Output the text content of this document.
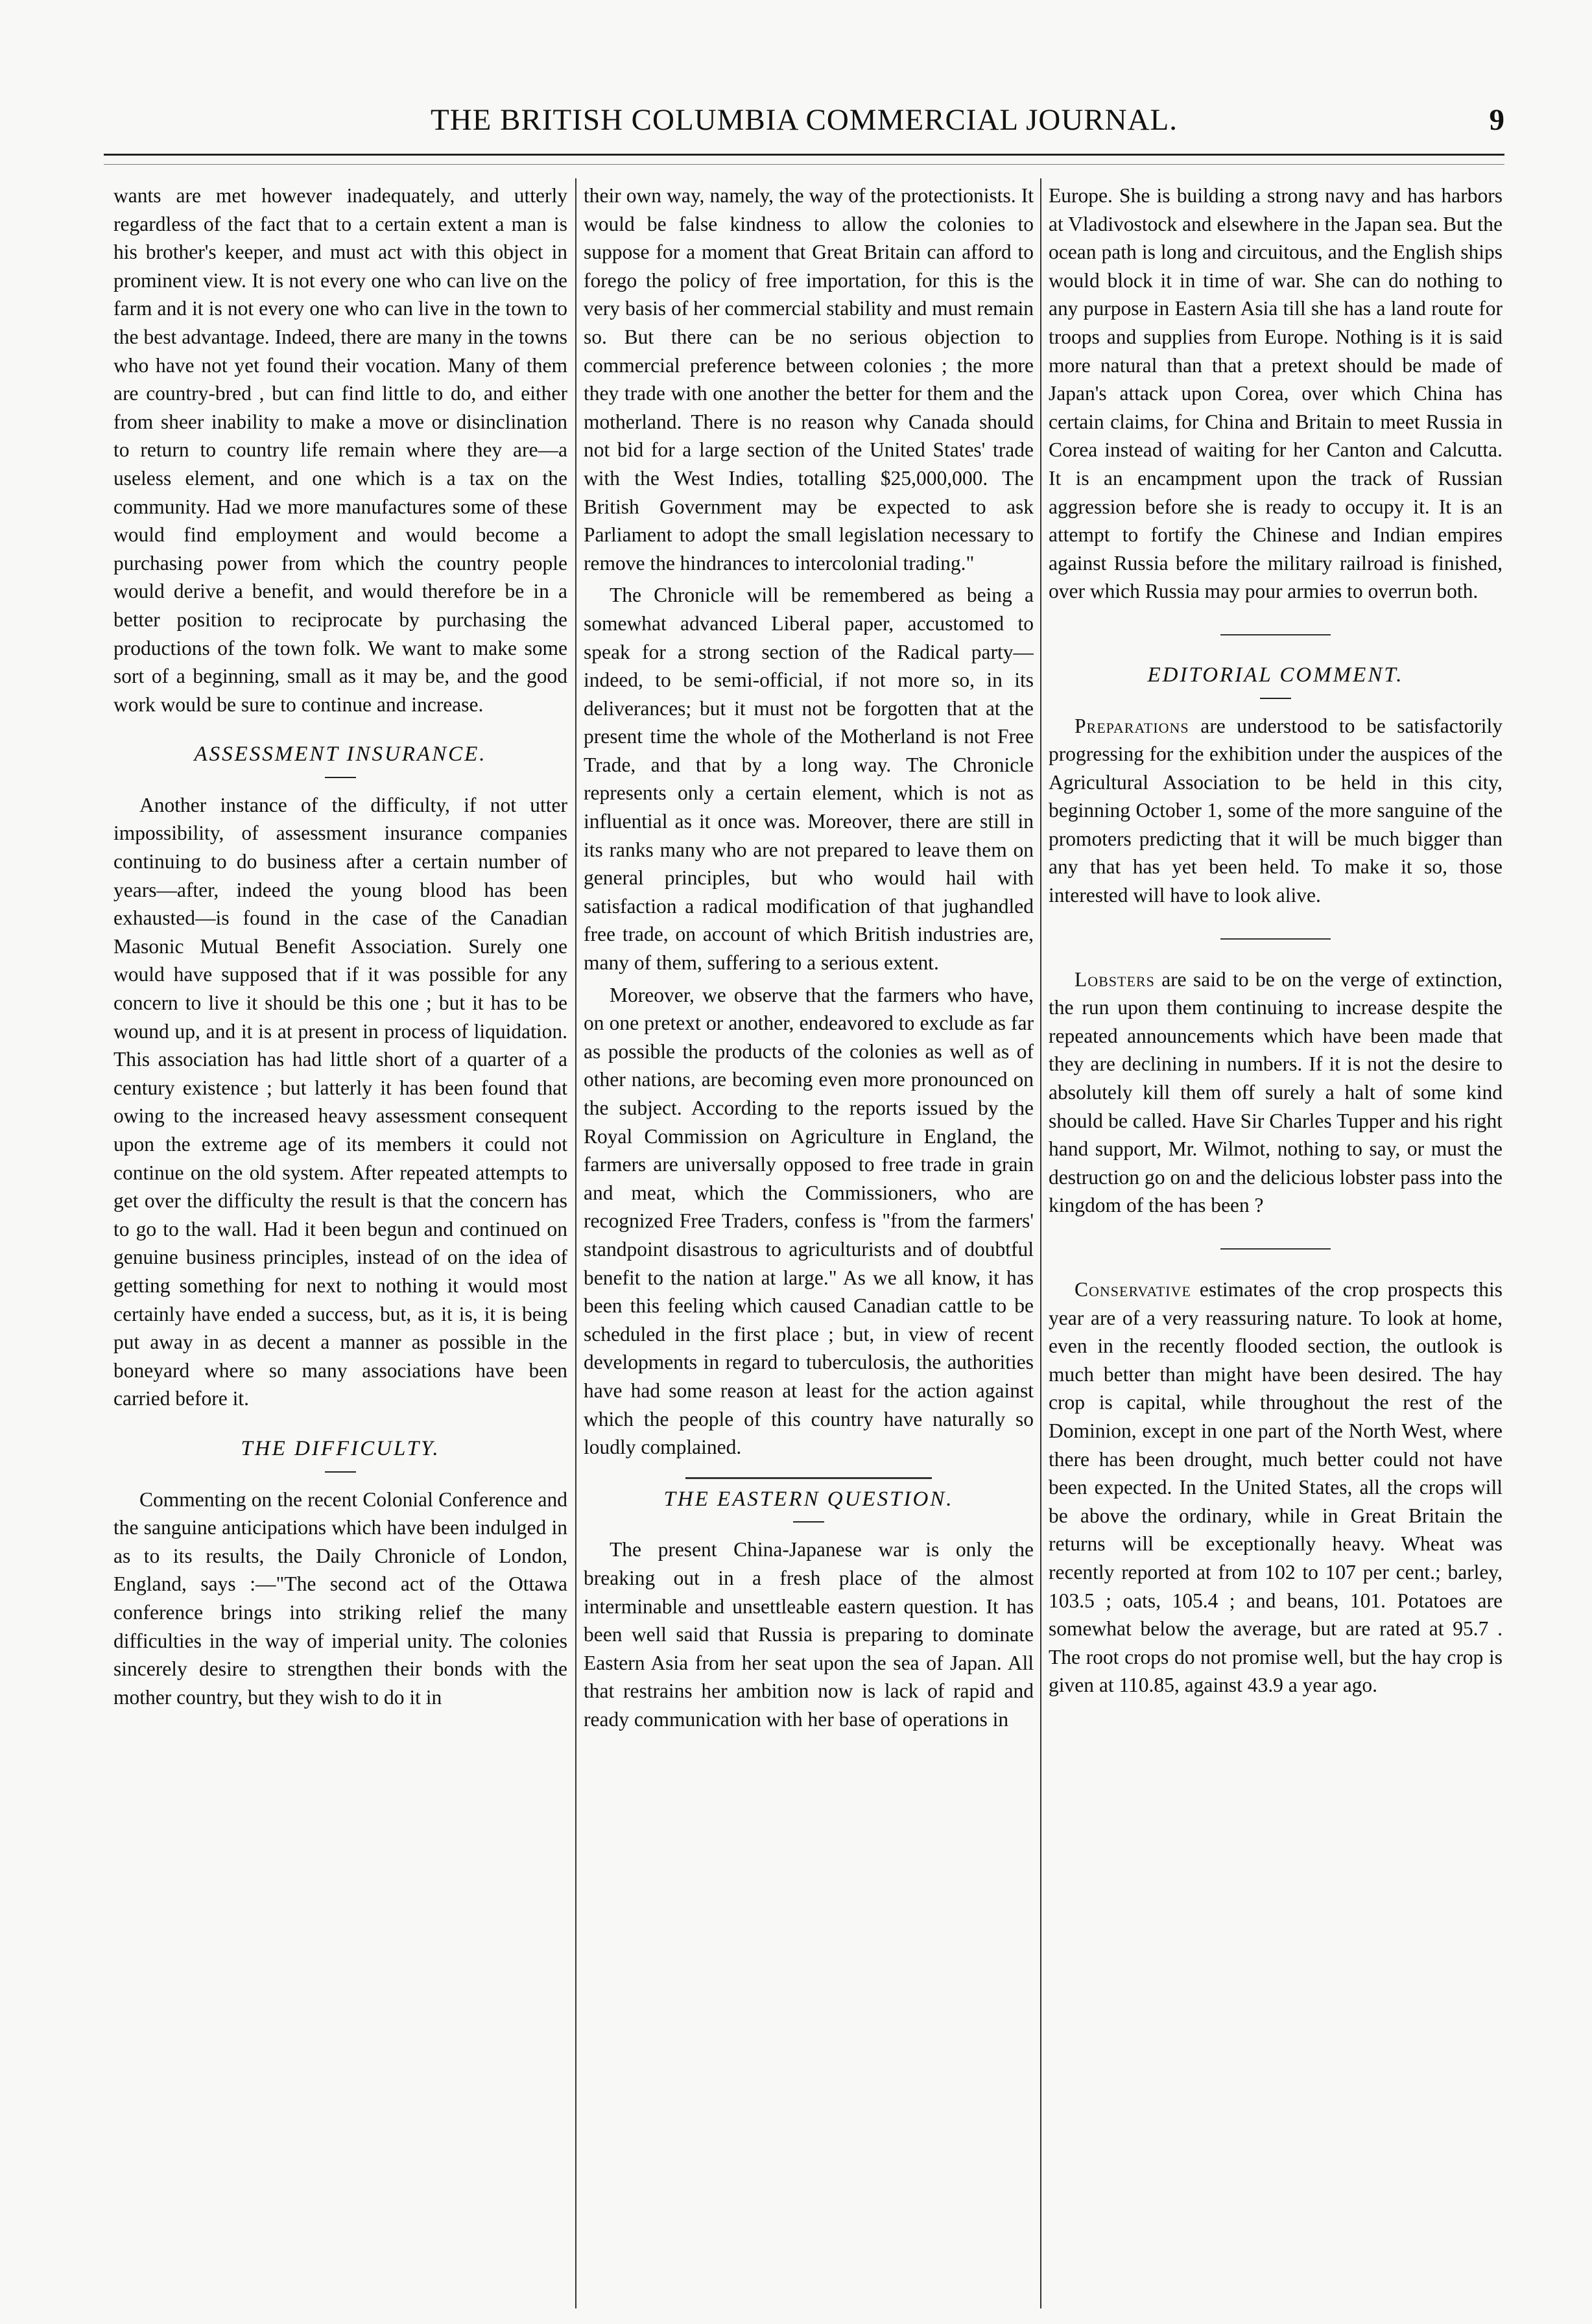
THE BRITISH COLUMBIA COMMERCIAL JOURNAL.	9

wants are met however inadequately, and utterly regardless of the fact that to a certain extent a man is his brother's keeper, and must act with this object in prominent view. It is not every one who can live on the farm and it is not every one who can live in the town to the best advantage. Indeed, there are many in the towns who have not yet found their vocation. Many of them are country-bred , but can find little to do, and either from sheer inability to make a move or disinclination to return to country life remain where they are—a useless element, and one which is a tax on the community. Had we more manufactures some of these would find employment and would become a purchasing power from which the country people would derive a benefit, and would therefore be in a better position to reciprocate by purchasing the productions of the town folk. We want to make some sort of a beginning, small as it may be, and the good work would be sure to continue and increase.

ASSESSMENT INSURANCE.

Another instance of the difficulty, if not utter impossibility, of assessment insurance companies continuing to do business after a certain number of years—after, indeed the young blood has been exhausted—is found in the case of the Canadian Masonic Mutual Benefit Association. Surely one would have supposed that if it was possible for any concern to live it should be this one ; but it has to be wound up, and it is at present in process of liquidation. This association has had little short of a quarter of a century existence ; but latterly it has been found that owing to the increased heavy assessment consequent upon the extreme age of its members it could not continue on the old system. After repeated attempts to get over the difficulty the result is that the concern has to go to the wall. Had it been begun and continued on genuine business principles, instead of on the idea of getting something for next to nothing it would most certainly have ended a success, but, as it is, it is being put away in as decent a manner as possible in the boneyard where so many associations have been carried before it.

THE DIFFICULTY.

Commenting on the recent Colonial Conference and the sanguine anticipations which have been indulged in as to its results, the Daily Chronicle of London, England, says :—"The second act of the Ottawa conference brings into striking relief the many difficulties in the way of imperial unity. The colonies sincerely desire to strengthen their bonds with the mother country, but they wish to do it in

their own way, namely, the way of the protectionists. It would be false kindness to allow the colonies to suppose for a moment that Great Britain can afford to forego the policy of free importation, for this is the very basis of her commercial stability and must remain so. But there can be no serious objection to commercial preference between colonies ; the more they trade with one another the better for them and the motherland. There is no reason why Canada should not bid for a large section of the United States' trade with the West Indies, totalling $25,000,000. The British Government may be expected to ask Parliament to adopt the small legislation necessary to remove the hindrances to intercolonial trading."

The Chronicle will be remembered as being a somewhat advanced Liberal paper, accustomed to speak for a strong section of the Radical party—indeed, to be semi-official, if not more so, in its deliverances; but it must not be forgotten that at the present time the whole of the Motherland is not Free Trade, and that by a long way. The Chronicle represents only a certain element, which is not as influential as it once was. Moreover, there are still in its ranks many who are not prepared to leave them on general principles, but who would hail with satisfaction a radical modification of that jughandled free trade, on account of which British industries are, many of them, suffering to a serious extent.

Moreover, we observe that the farmers who have, on one pretext or another, endeavored to exclude as far as possible the products of the colonies as well as of other nations, are becoming even more pronounced on the subject. According to the reports issued by the Royal Commission on Agriculture in England, the farmers are universally opposed to free trade in grain and meat, which the Commissioners, who are recognized Free Traders, confess is "from the farmers' standpoint disastrous to agriculturists and of doubtful benefit to the nation at large." As we all know, it has been this feeling which caused Canadian cattle to be scheduled in the first place ; but, in view of recent developments in regard to tuberculosis, the authorities have had some reason at least for the action against which the people of this country have naturally so loudly complained.

THE EASTERN QUESTION.

The present China-Japanese war is only the breaking out in a fresh place of the almost interminable and unsettleable eastern question. It has been well said that Russia is preparing to dominate Eastern Asia from her seat upon the sea of Japan. All that restrains her ambition now is lack of rapid and ready communication with her base of operations in

Europe. She is building a strong navy and has harbors at Vladivostock and elsewhere in the Japan sea. But the ocean path is long and circuitous, and the English ships would block it in time of war. She can do nothing to any purpose in Eastern Asia till she has a land route for troops and supplies from Europe. Nothing is it is said more natural than that a pretext should be made of Japan's attack upon Corea, over which China has certain claims, for China and Britain to meet Russia in Corea instead of waiting for her Canton and Calcutta. It is an encampment upon the track of Russian aggression before she is ready to occupy it. It is an attempt to fortify the Chinese and Indian empires against Russia before the military railroad is finished, over which Russia may pour armies to overrun both.

EDITORIAL COMMENT.

Preparations are understood to be satisfactorily progressing for the exhibition under the auspices of the Agricultural Association to be held in this city, beginning October 1, some of the more sanguine of the promoters predicting that it will be much bigger than any that has yet been held. To make it so, those interested will have to look alive.

Lobsters are said to be on the verge of extinction, the run upon them continuing to increase despite the repeated announcements which have been made that they are declining in numbers. If it is not the desire to absolutely kill them off surely a halt of some kind should be called. Have Sir Charles Tupper and his right hand support, Mr. Wilmot, nothing to say, or must the destruction go on and the delicious lobster pass into the kingdom of the has been ?

Conservative estimates of the crop prospects this year are of a very reassuring nature. To look at home, even in the recently flooded section, the outlook is much better than might have been desired. The hay crop is capital, while throughout the rest of the Dominion, except in one part of the North West, where there has been drought, much better could not have been expected. In the United States, all the crops will be above the ordinary, while in Great Britain the returns will be exceptionally heavy. Wheat was recently reported at from 102 to 107 per cent.; barley, 103.5 ; oats, 105.4 ; and beans, 101. Potatoes are somewhat below the average, but are rated at 95.7 . The root crops do not promise well, but the hay crop is given at 110.85, against 43.9 a year ago.
